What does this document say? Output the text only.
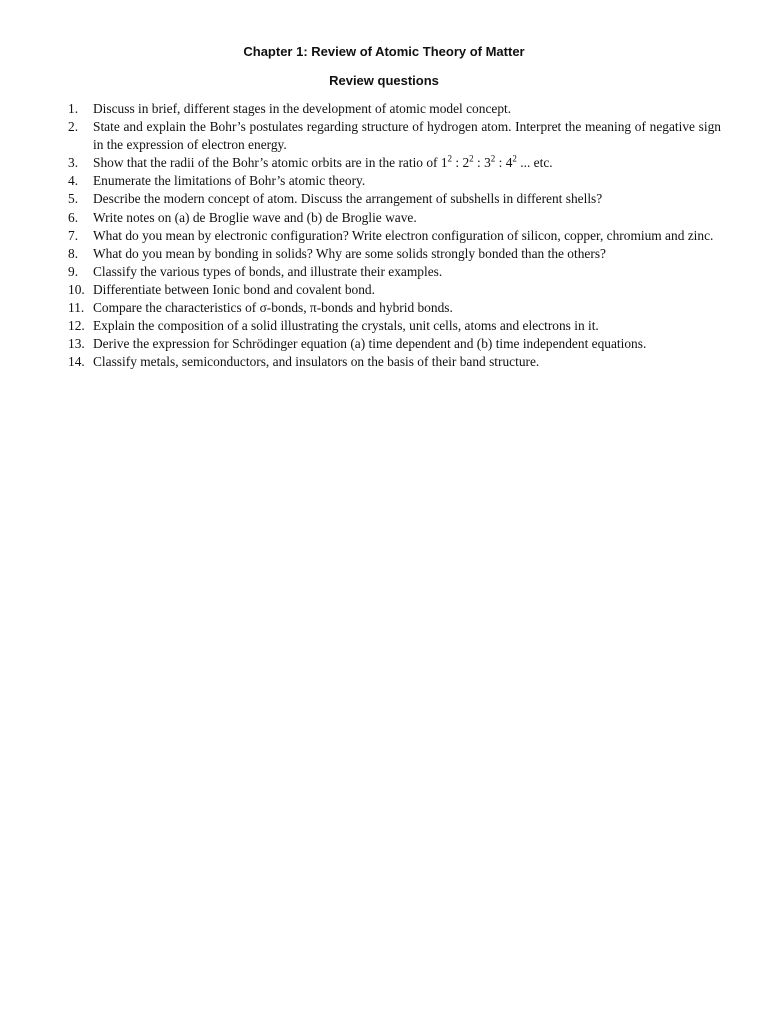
Chapter 1: Review of Atomic Theory of Matter
Review questions
1. Discuss in brief, different stages in the development of atomic model concept.
2. State and explain the Bohr’s postulates regarding structure of hydrogen atom. Interpret the meaning of negative sign in the expression of electron energy.
3. Show that the radii of the Bohr’s atomic orbits are in the ratio of $1^2$ : $2^2$ : $3^2$ : $4^2$ ... etc.
4. Enumerate the limitations of Bohr’s atomic theory.
5. Describe the modern concept of atom. Discuss the arrangement of subshells in different shells?
6. Write notes on (a) de Broglie wave and (b) de Broglie wave.
7. What do you mean by electronic configuration? Write electron configuration of silicon, copper, chromium and zinc.
8. What do you mean by bonding in solids? Why are some solids strongly bonded than the others?
9. Classify the various types of bonds, and illustrate their examples.
10. Differentiate between Ionic bond and covalent bond.
11. Compare the characteristics of σ-bonds, π-bonds and hybrid bonds.
12. Explain the composition of a solid illustrating the crystals, unit cells, atoms and electrons in it.
13. Derive the expression for Schrödinger equation (a) time dependent and (b) time independent equations.
14. Classify metals, semiconductors, and insulators on the basis of their band structure.
